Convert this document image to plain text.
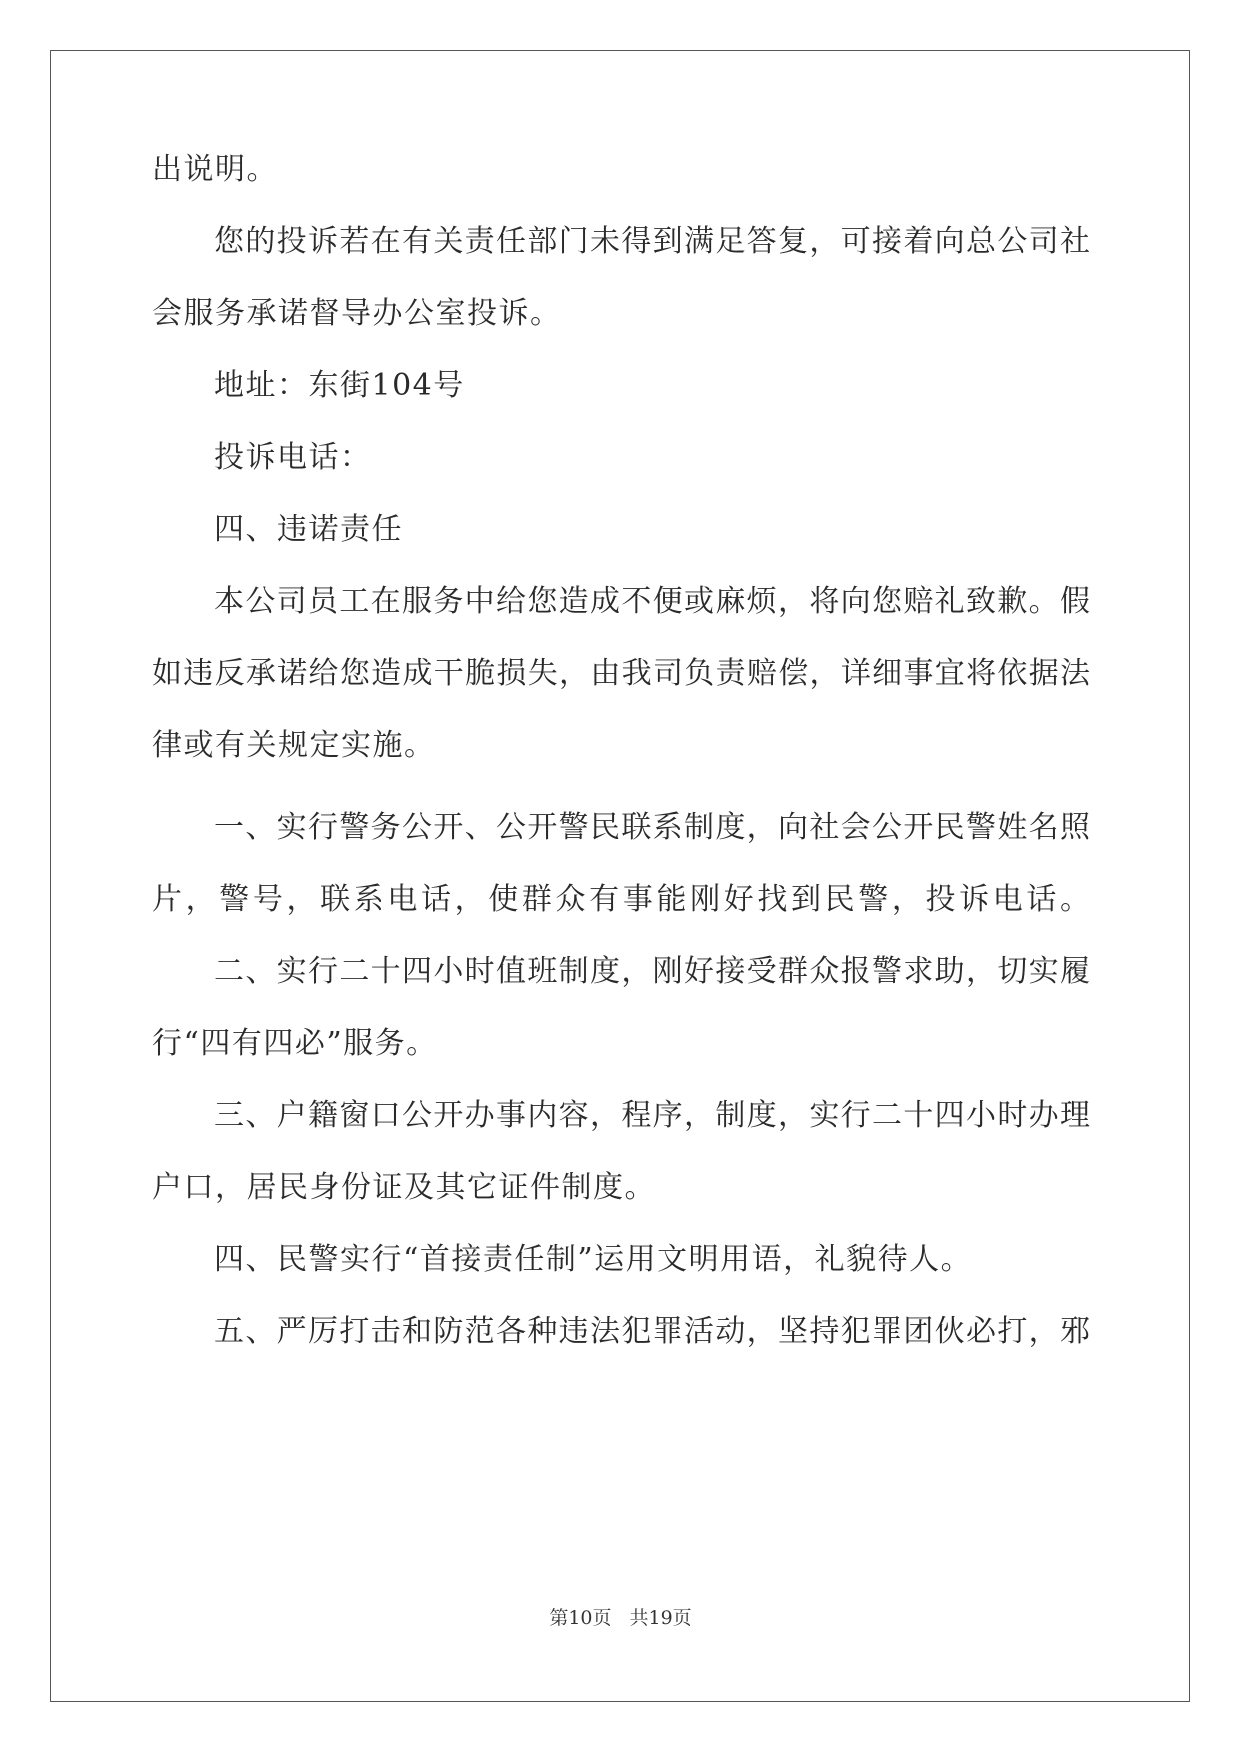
出说明。
您的投诉若在有关责任部门未得到满足答复，可接着向总公司社
会服务承诺督导办公室投诉。
地址：东街104号
投诉电话：
四、违诺责任
本公司员工在服务中给您造成不便或麻烦，将向您赔礼致歉。假
如违反承诺给您造成干脆损失，由我司负责赔偿，详细事宜将依据法
律或有关规定实施。
一、实行警务公开、公开警民联系制度，向社会公开民警姓名照
片，警号，联系电话，使群众有事能刚好找到民警，投诉电话。
二、实行二十四小时值班制度，刚好接受群众报警求助，切实履
行“四有四必”服务。
三、户籍窗口公开办事内容，程序，制度，实行二十四小时办理
户口，居民身份证及其它证件制度。
四、民警实行“首接责任制”运用文明用语，礼貌待人。
五、严厉打击和防范各种违法犯罪活动，坚持犯罪团伙必打，邪
第10页 共19页
